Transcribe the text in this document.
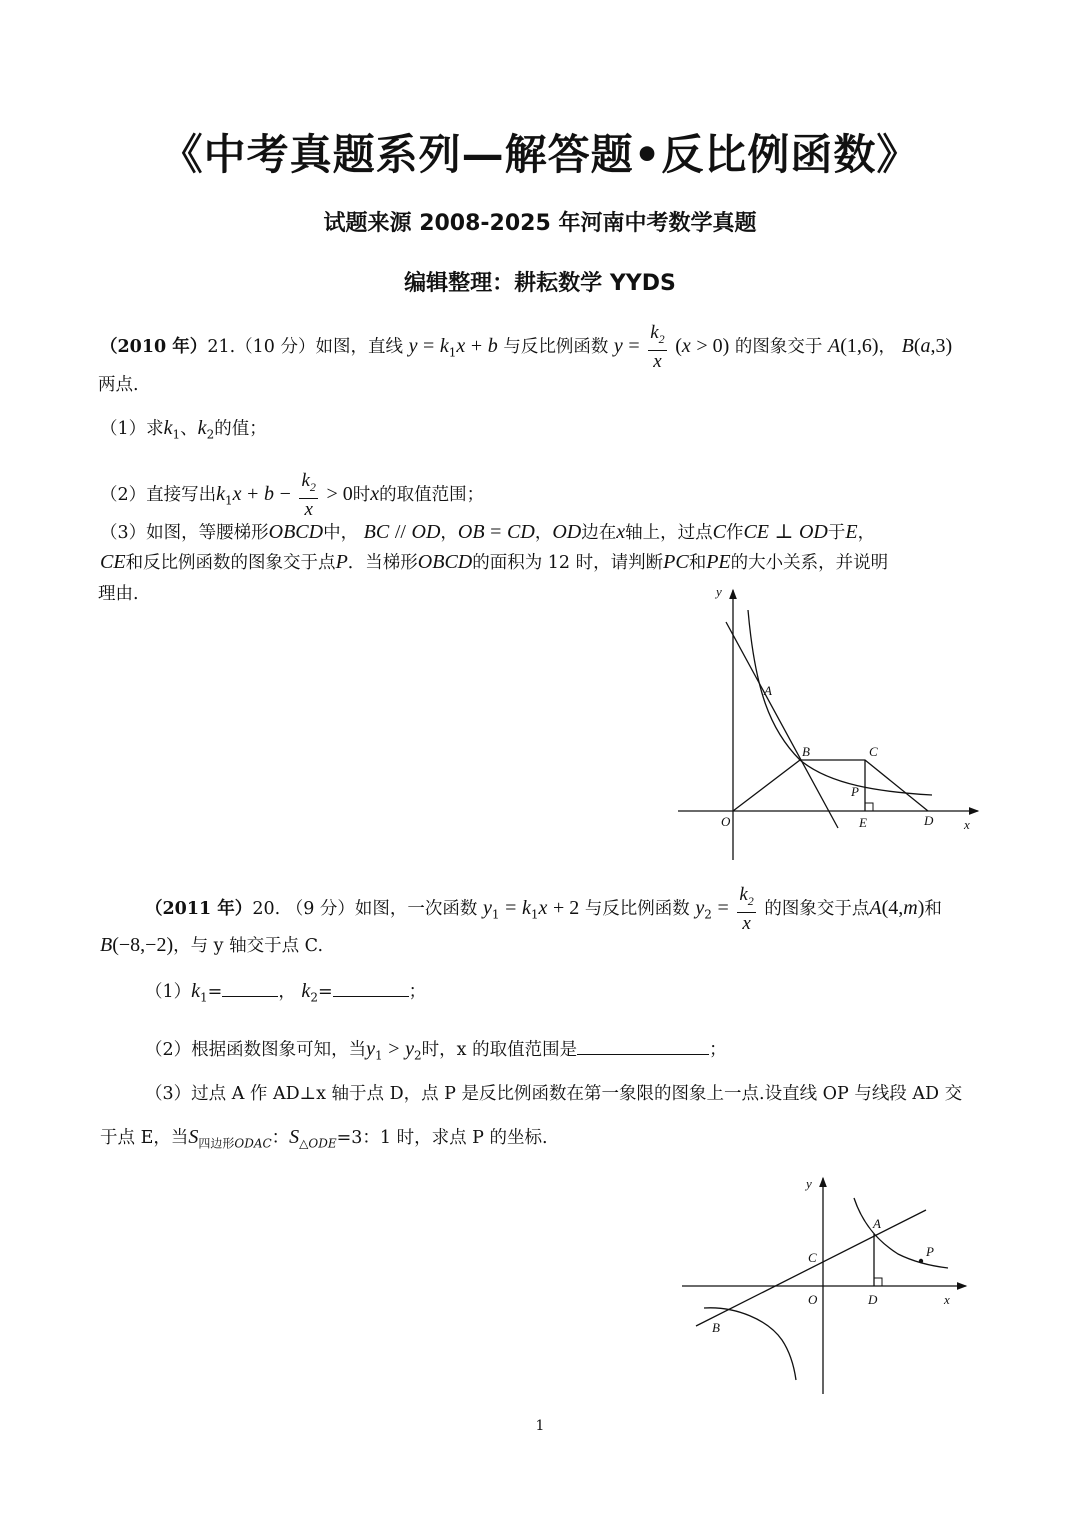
《中考真题系列—解答题•反比例函数》
试题来源 2008-2025 年河南中考数学真题
编辑整理：耕耘数学 YYDS
（2010 年）21.（10 分）如图，直线 $y = k_1x + b$ 与反比例函数 $y = \frac{k_2}{x} (x > 0)$ 的图象交于 A(1,6)， B(a,3)
两点.
（1）求$k_1$、$k_2$的值；
（2）直接写出$k_1x + b - \frac{k_2}{x} > 0$时x的取值范围；
（3）如图，等腰梯形OBCD中， BC // OD，OB = CD，OD边在x轴上，过点C作CE ⊥ OD于E，
CE和反比例函数的图象交于点P．当梯形OBCD的面积为 12 时，请判断PC和PE的大小关系，并说明
理由.	y
x
O
A
B	C
P
E	D
（2011 年）20. （9 分）如图，一次函数 $y_1 = k_1x + 2$ 与反比例函数 $y_2 = \frac{k_2}{x}$ 的图象交于点A(4,m)和
B(−8,−2)，与 y 轴交于点 C.
$(1)k_1=$	， $k_2=$	；
（2）根据函数图象可知，当$y_1 > y_2$时，x 的取值范围是	；
（3）过点 A 作 AD⊥x 轴于点 D，点 P 是反比例函数在第一象限的图象上一点.设直线 OP 与线段 AD 交
于点 E，当$S_{四边形ODAC}$：$S_{\triangle ODE}=3$：1 时，求点 P 的坐标.
y
x
O
A
B
C	P
D
1
